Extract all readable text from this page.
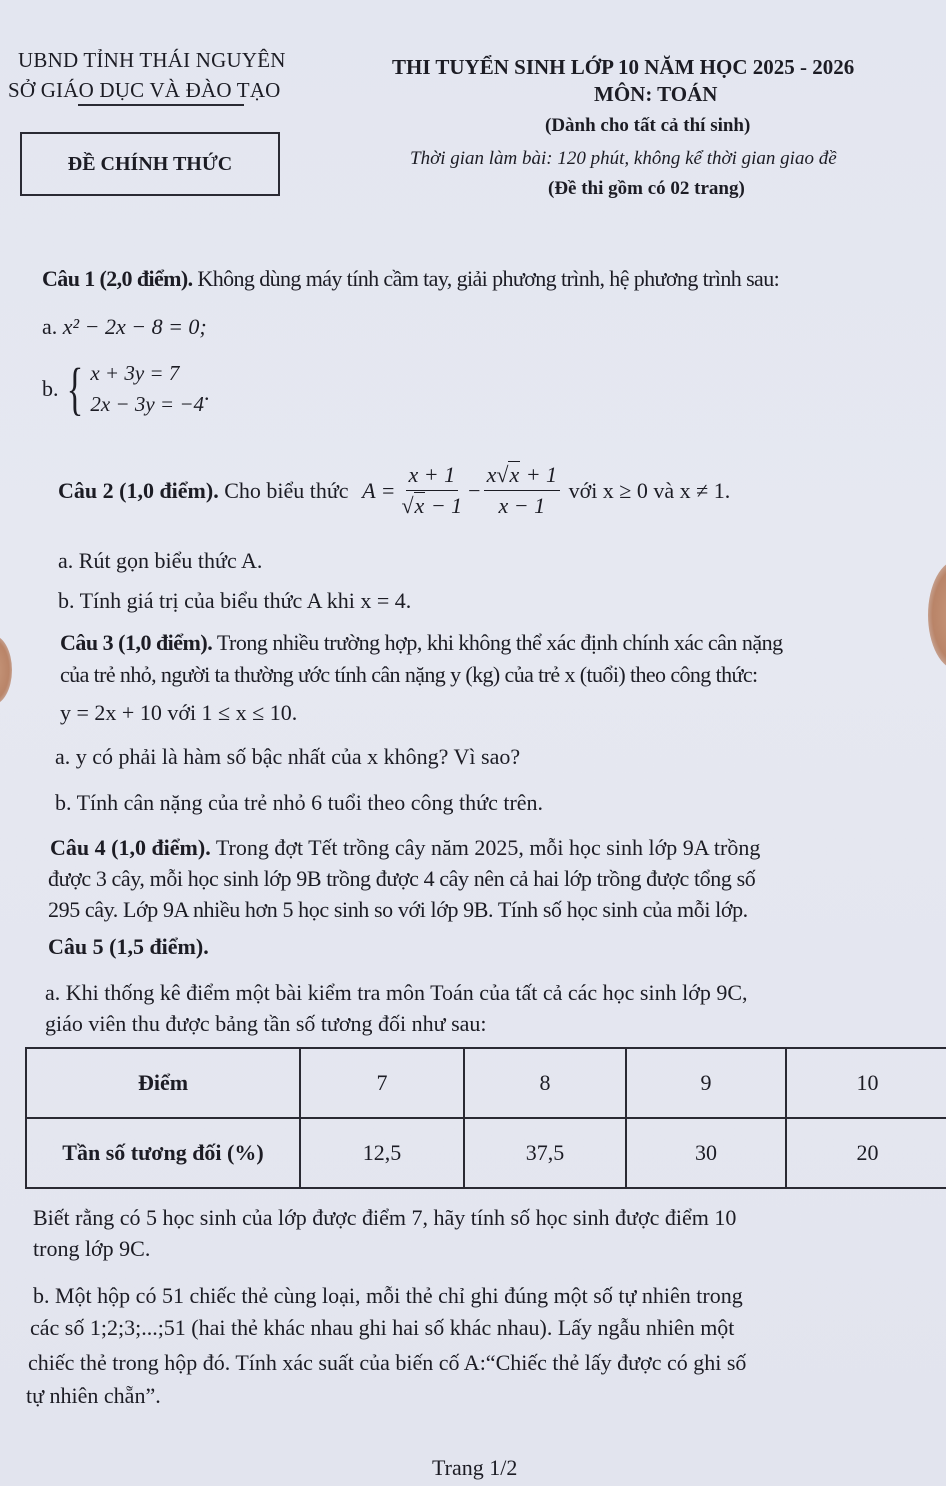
UBND TỈNH THÁI NGUYÊN
SỞ GIÁO DỤC VÀ ĐÀO TẠO
ĐỀ CHÍNH THỨC
THI TUYỂN SINH LỚP 10 NĂM HỌC 2025 - 2026
MÔN: TOÁN
(Dành cho tất cả thí sinh)
Thời gian làm bài: 120 phút, không kể thời gian giao đề
(Đề thi gồm có 02 trang)
Câu 1 (2,0 điểm). Không dùng máy tính cầm tay, giải phương trình, hệ phương trình sau:
a. x² − 2x − 8 = 0;
b. { x + 3y = 7
2x − 3y = −4 .
Câu 2 (1,0 điểm). Cho biểu thức $A = \frac{x + 1}{√x - 1} - \frac{x√x + 1}{x - 1}$ với x ≥ 0 và x ≠ 1.
a. Rút gọn biểu thức A.
b. Tính giá trị của biểu thức A khi x = 4.
Câu 3 (1,0 điểm). Trong nhiều trường hợp, khi không thể xác định chính xác cân nặng
của trẻ nhỏ, người ta thường ước tính cân nặng y (kg) của trẻ x (tuổi) theo công thức:
y = 2x + 10 với 1 ≤ x ≤ 10.
a. y có phải là hàm số bậc nhất của x không? Vì sao?
b. Tính cân nặng của trẻ nhỏ 6 tuổi theo công thức trên.
Câu 4 (1,0 điểm). Trong đợt Tết trồng cây năm 2025, mỗi học sinh lớp 9A trồng
được 3 cây, mỗi học sinh lớp 9B trồng được 4 cây nên cả hai lớp trồng được tổng số
295 cây. Lớp 9A nhiều hơn 5 học sinh so với lớp 9B. Tính số học sinh của mỗi lớp.
Câu 5 (1,5 điểm).
a. Khi thống kê điểm một bài kiểm tra môn Toán của tất cả các học sinh lớp 9C,
giáo viên thu được bảng tần số tương đối như sau:
Điểm	7	8	9	10
Tần số tương đối (%)	12,5	37,5	30	20
Biết rằng có 5 học sinh của lớp được điểm 7, hãy tính số học sinh được điểm 10
trong lớp 9C.
b. Một hộp có 51 chiếc thẻ cùng loại, mỗi thẻ chỉ ghi đúng một số tự nhiên trong
các số 1;2;3;...;51 (hai thẻ khác nhau ghi hai số khác nhau). Lấy ngẫu nhiên một
chiếc thẻ trong hộp đó. Tính xác suất của biến cố A:“Chiếc thẻ lấy được có ghi số
tự nhiên chẵn”.
Trang 1/2
